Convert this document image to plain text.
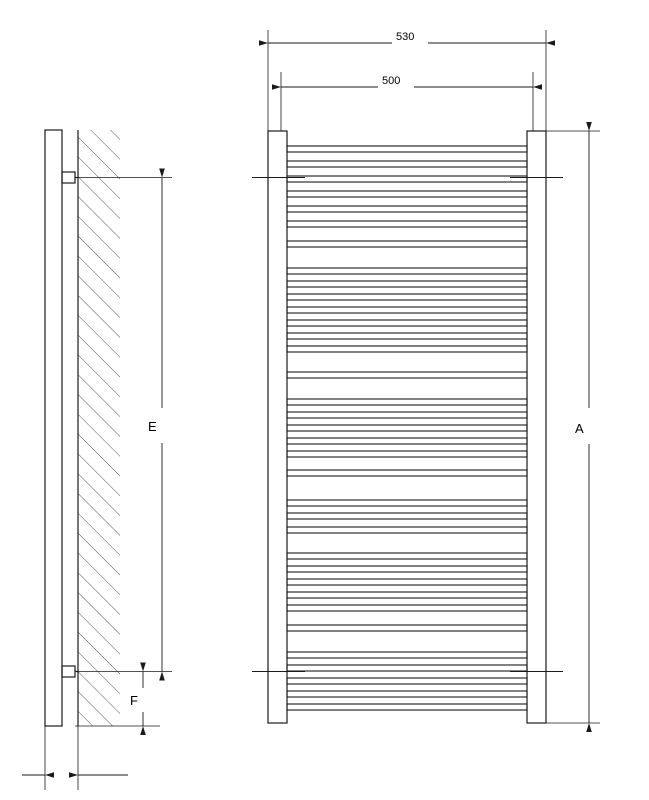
E
F
530
500
A
